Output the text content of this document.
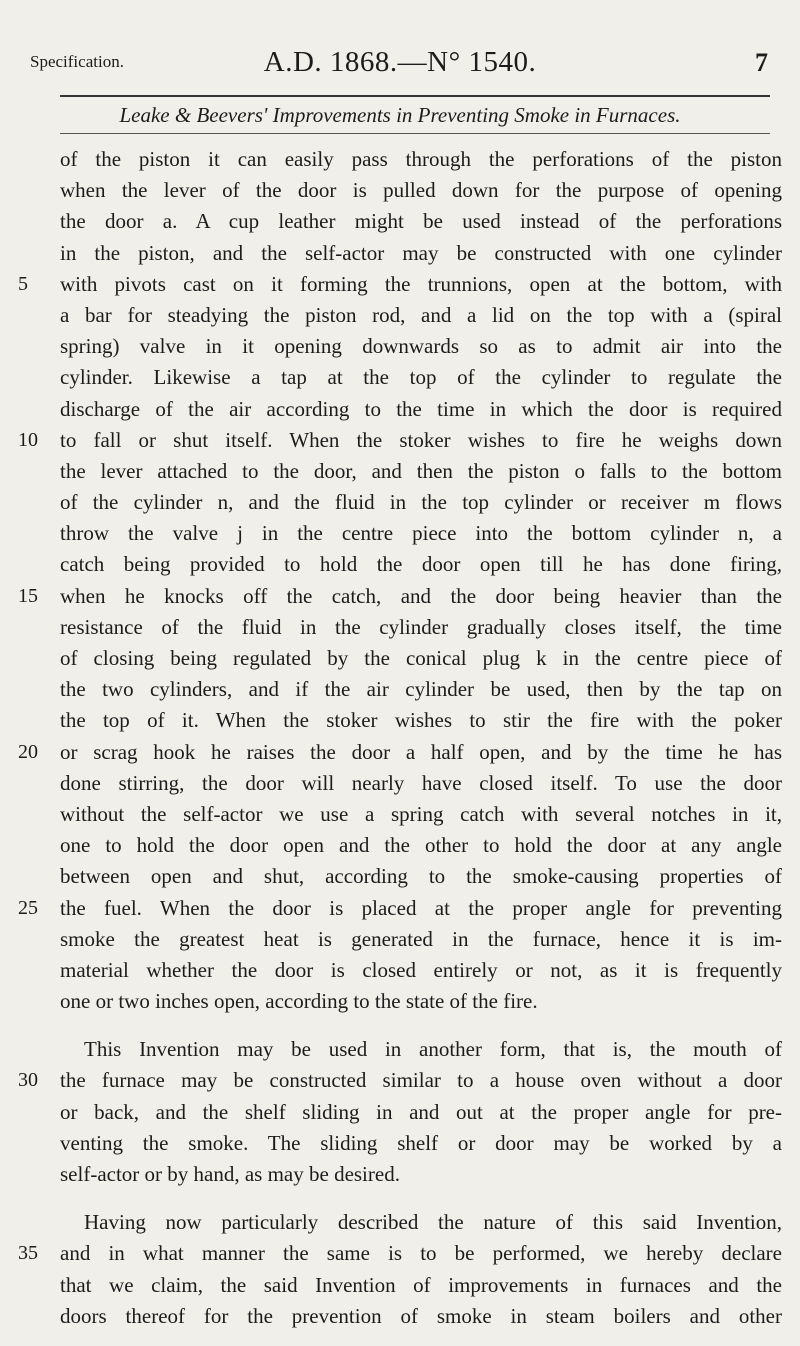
Specification.	A.D. 1868.—N° 1540.	7
Leake & Beevers' Improvements in Preventing Smoke in Furnaces.
of the piston it can easily pass through the perforations of the piston
when the lever of the door is pulled down for the purpose of opening
the door a. A cup leather might be used instead of the perforations
in the piston, and the self-actor may be constructed with one cylinder
5	with pivots cast on it forming the trunnions, open at the bottom, with
a bar for steadying the piston rod, and a lid on the top with a (spiral
spring) valve in it opening downwards so as to admit air into the
cylinder. Likewise a tap at the top of the cylinder to regulate the
discharge of the air according to the time in which the door is required
10	to fall or shut itself. When the stoker wishes to fire he weighs down
the lever attached to the door, and then the piston o falls to the bottom
of the cylinder n, and the fluid in the top cylinder or receiver m flows
throw the valve j in the centre piece into the bottom cylinder n, a
catch being provided to hold the door open till he has done firing,
15	when he knocks off the catch, and the door being heavier than the
resistance of the fluid in the cylinder gradually closes itself, the time
of closing being regulated by the conical plug k in the centre piece of
the two cylinders, and if the air cylinder be used, then by the tap on
the top of it. When the stoker wishes to stir the fire with the poker
20	or scrag hook he raises the door a half open, and by the time he has
done stirring, the door will nearly have closed itself. To use the door
without the self-actor we use a spring catch with several notches in it,
one to hold the door open and the other to hold the door at any angle
between open and shut, according to the smoke-causing properties of
25	the fuel. When the door is placed at the proper angle for preventing
smoke the greatest heat is generated in the furnace, hence it is im-
material whether the door is closed entirely or not, as it is frequently
one or two inches open, according to the state of the fire.
This Invention may be used in another form, that is, the mouth of
30	the furnace may be constructed similar to a house oven without a door
or back, and the shelf sliding in and out at the proper angle for pre-
venting the smoke. The sliding shelf or door may be worked by a
self-actor or by hand, as may be desired.
Having now particularly described the nature of this said Invention,
35	and in what manner the same is to be performed, we hereby declare
that we claim, the said Invention of improvements in furnaces and the
doors thereof for the prevention of smoke in steam boilers and other
